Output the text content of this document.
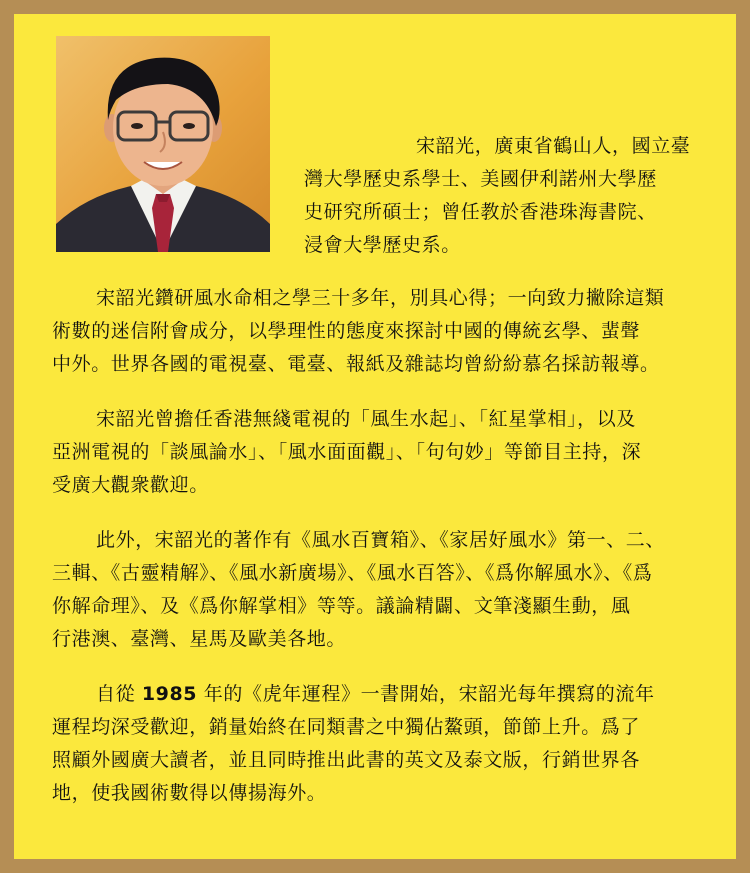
宋韶光，廣東省鶴山人，國立臺

灣大學歷史系學士、美國伊利諾州大學歷

史研究所碩士；曾任教於香港珠海書院、

浸會大學歷史系。

宋韶光鑽研風水命相之學三十多年，別具心得；一向致力撇除這類

術數的迷信附會成分，以學理性的態度來探討中國的傳統玄學、蜚聲

中外。世界各國的電視臺、電臺、報紙及雜誌均曾紛紛慕名採訪報導。

宋韶光曾擔任香港無綫電視的「風生水起」、「紅星掌相」，以及

亞洲電視的「談風論水」、「風水面面觀」、「句句妙」等節目主持，深

受廣大觀衆歡迎。

此外，宋韶光的著作有《風水百寶箱》、《家居好風水》第一、二、

三輯、《古靈精解》、《風水新廣場》、《風水百答》、《爲你解風水》、《爲

你解命理》、及《爲你解掌相》等等。議論精闢、文筆淺顯生動，風

行港澳、臺灣、星馬及歐美各地。

自從 1985 年的《虎年運程》一書開始，宋韶光每年撰寫的流年

運程均深受歡迎，銷量始終在同類書之中獨佔鰲頭，節節上升。爲了

照顧外國廣大讀者，並且同時推出此書的英文及泰文版，行銷世界各

地，使我國術數得以傳揚海外。
